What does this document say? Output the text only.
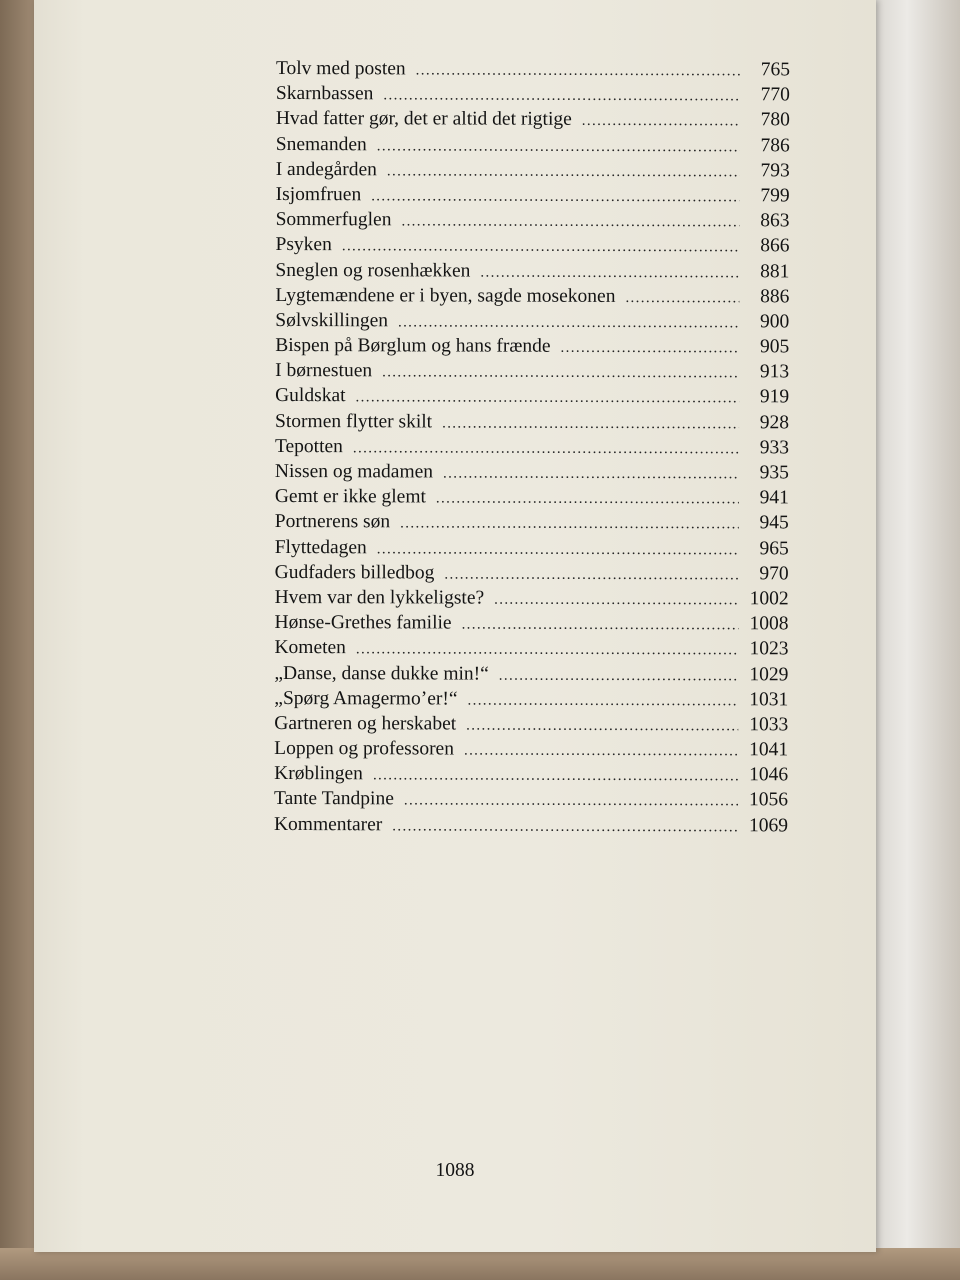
Tolv med posten . . .	765
Skarnbassen . . .	770
Hvad fatter gør, det er altid det rigtige . . .	780
Snemanden . . .	786
I andegården . . .	793
Isjomfruen . . .	799
Sommerfuglen . . .	863
Psyken . . .	866
Sneglen og rosenhækken . . .	881
Lygtemændene er i byen, sagde mosekonen . . .	886
Sølvskillingen . . .	900
Bispen på Børglum og hans frænde . . .	905
I børnestuen . . .	913
Guldskat . . .	919
Stormen flytter skilt . . .	928
Tepotten . . .	933
Nissen og madamen . . .	935
Gemt er ikke glemt . . .	941
Portnerens søn . . .	945
Flyttedagen . . .	965
Gudfaders billedbog . . .	970
Hvem var den lykkeligste? . . .	1002
Hønse-Grethes familie . . .	1008
Kometen . . .	1023
„Danse, danse dukke min!“ . . .	1029
„Spørg Amagermo’er!“ . . .	1031
Gartneren og herskabet . . .	1033
Loppen og professoren . . .	1041
Krøblingen . . .	1046
Tante Tandpine . . .	1056
Kommentarer . . .	1069
1088
